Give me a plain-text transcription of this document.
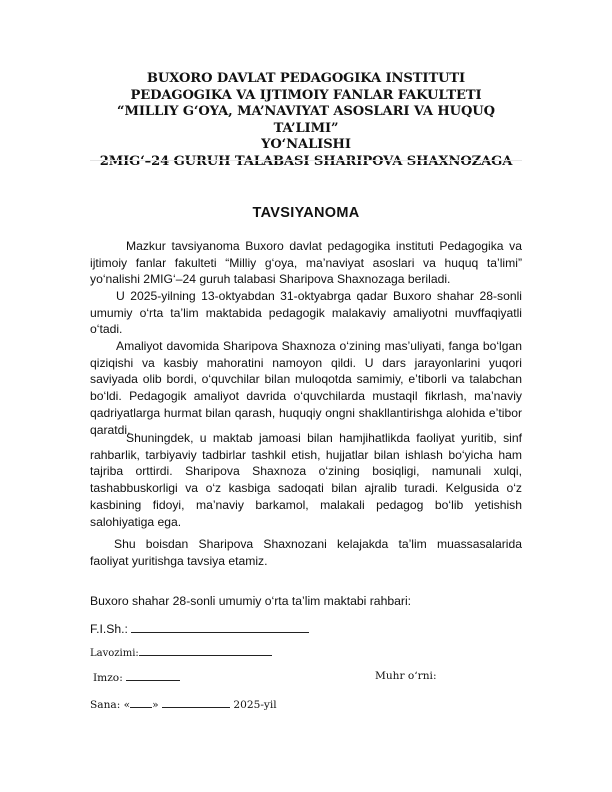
BUXORO DAVLAT PEDAGOGIKA INSTITUTI
PEDAGOGIKA VA IJTIMOIY FANLAR FAKULTETI
“MILLIY G‘OYA, MA’NAVIYAT ASOSLARI VA HUQUQ TA’LIMI”
YO‘NALISHI
2MIG‘–24 GURUH TALABASI SHARIPOVA SHAXNOZAGA
TAVSIYANOMA
Mazkur tavsiyanoma Buxoro davlat pedagogika instituti Pedagogika va ijtimoiy fanlar fakulteti “Milliy g‘oya, ma’naviyat asoslari va huquq ta’limi” yo‘nalishi 2MIG‘–24 guruh talabasi Sharipova Shaxnozaga beriladi.
U 2025-yilning 13-oktyabdan 31-oktyabrga qadar Buxoro shahar 28-sonli umumiy o‘rta ta’lim maktabida pedagogik malakaviy amaliyotni muvffaqiyatli o‘tadi.
Amaliyot davomida Sharipova Shaxnoza o‘zining mas’uliyati, fanga bo‘lgan qiziqishi va kasbiy mahoratini namoyon qildi. U dars jarayonlarini yuqori saviyada olib bordi, o‘quvchilar bilan muloqotda samimiy, e’tiborli va talabchan bo‘ldi. Pedagogik amaliyot davrida o‘quvchilarda mustaqil fikrlash, ma’naviy qadriyatlarga hurmat bilan qarash, huquqiy ongni shakllantirishga alohida e’tibor qaratdi.
Shuningdek, u maktab jamoasi bilan hamjihatlikda faoliyat yuritib, sinf rahbarlik, tarbiyaviy tadbirlar tashkil etish, hujjatlar bilan ishlash bo‘yicha ham tajriba orttirdi. Sharipova Shaxnoza o‘zining bosiqligi, namunali xulqi, tashabbuskorligi va o‘z kasbiga sadoqati bilan ajralib turadi. Kelgusida o‘z kasbining fidoyi, ma’naviy barkamol, malakali pedagog bo‘lib yetishish salohiyatiga ega.
Shu boisdan Sharipova Shaxnozani kelajakda ta’lim muassasalarida faoliyat yuritishga tavsiya etamiz.
Buxoro shahar 28-sonli umumiy o‘rta ta’lim maktabi rahbari:
F.I.Sh.:
Lavozimi:
Imzo:	Muhr o‘rni:
Sana: « »	2025-yil
